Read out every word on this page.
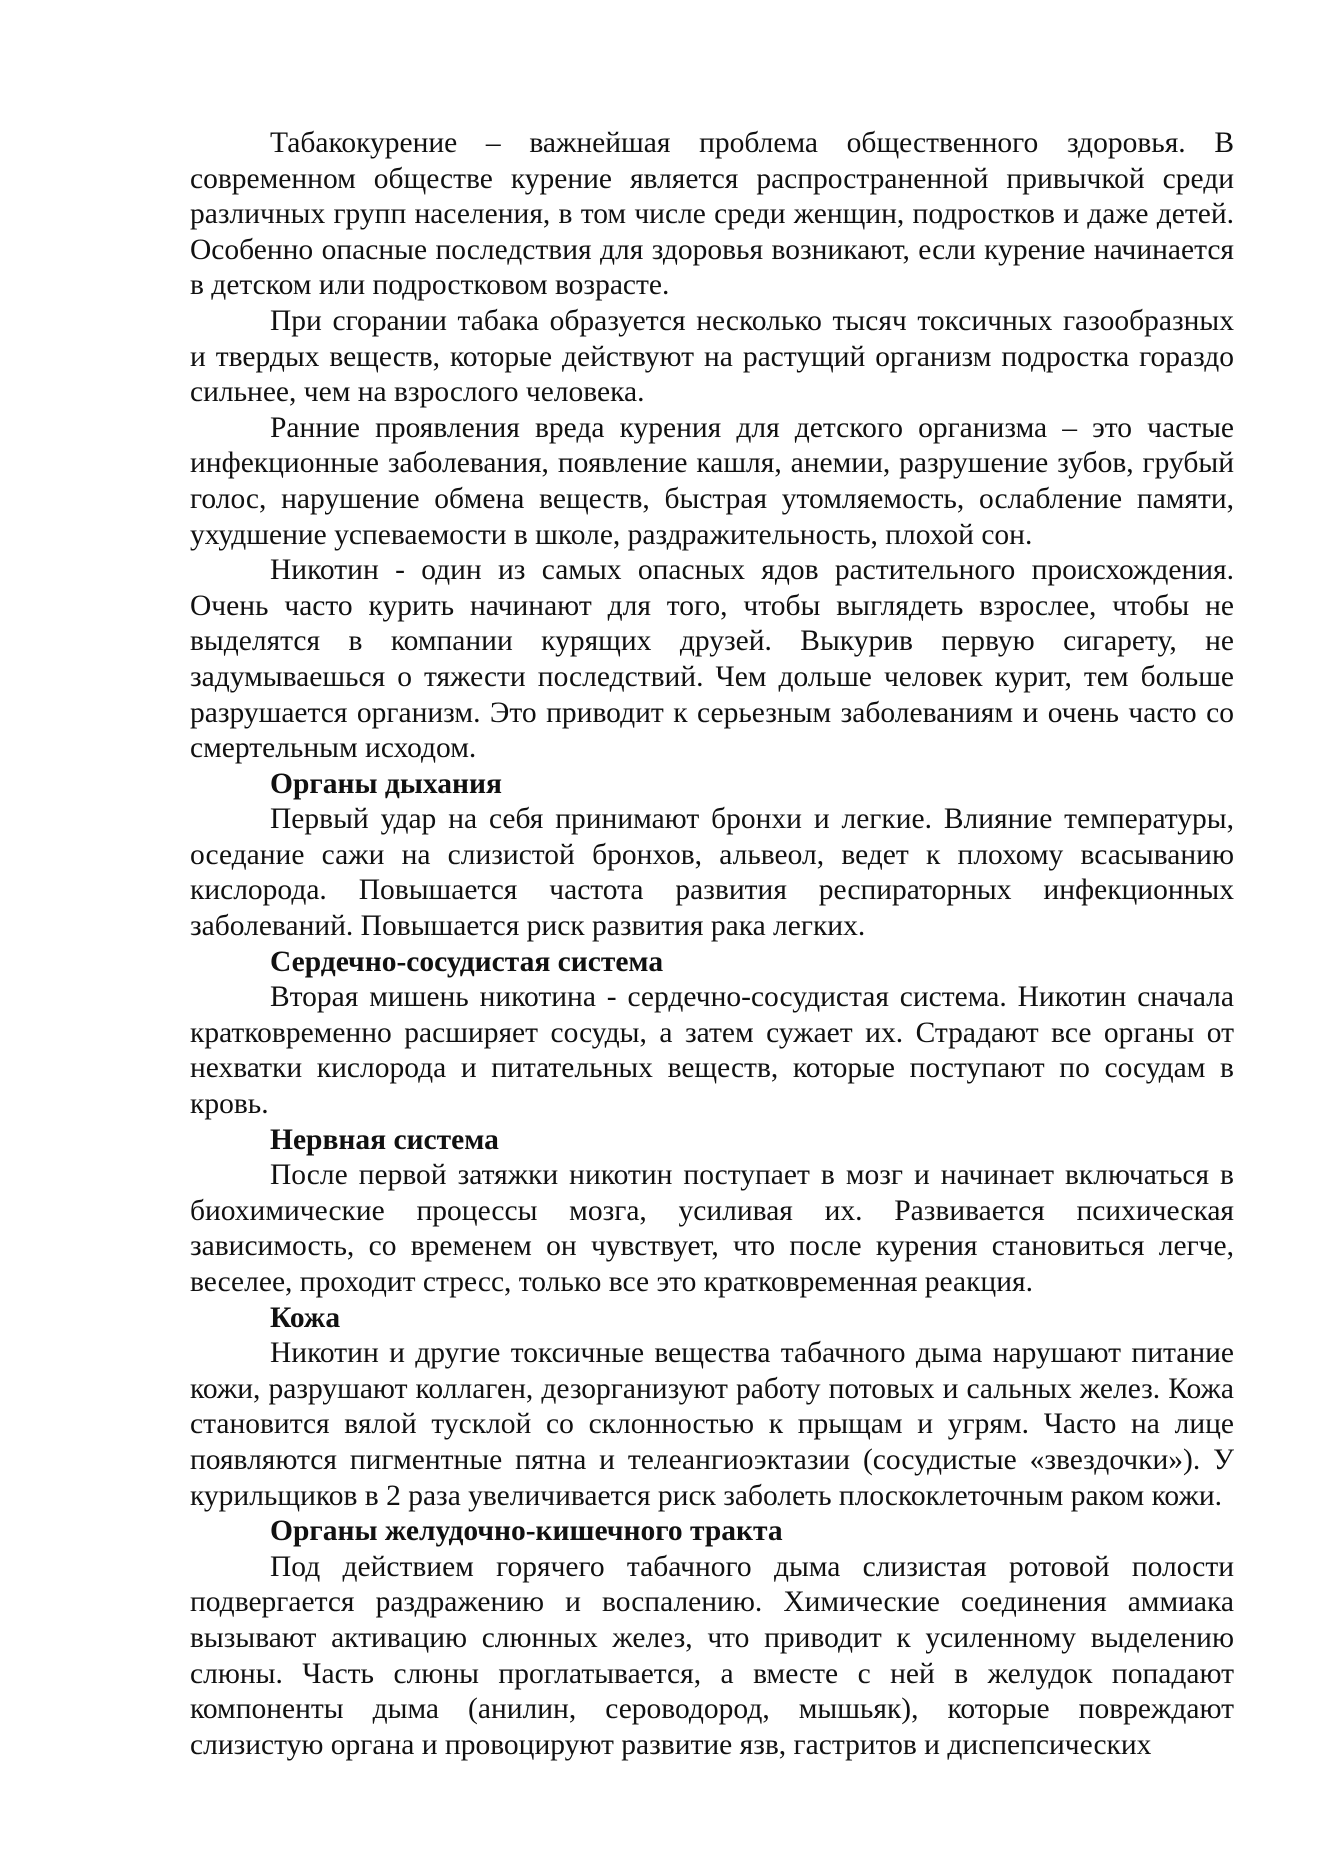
Табакокурение – важнейшая проблема общественного здоровья. В современном обществе курение является распространенной привычкой среди различных групп населения, в том числе среди женщин, подростков и даже детей. Особенно опасные последствия для здоровья возникают, если курение начинается в детском или подростковом возрасте.

При сгорании табака образуется несколько тысяч токсичных газообразных и твердых веществ, которые действуют на растущий организм подростка гораздо сильнее, чем на взрослого человека.

Ранние проявления вреда курения для детского организма – это частые инфекционные заболевания, появление кашля, анемии, разрушение зубов, грубый голос, нарушение обмена веществ, быстрая утомляемость, ослабление памяти, ухудшение успеваемости в школе, раздражительность, плохой сон.

Никотин - один из самых опасных ядов растительного происхождения. Очень часто курить начинают для того, чтобы выглядеть взрослее, чтобы не выделятся в компании курящих друзей. Выкурив первую сигарету, не задумываешься о тяжести последствий. Чем дольше человек курит, тем больше разрушается организм. Это приводит к серьезным заболеваниям и очень часто со смертельным исходом.

Органы дыхания

Первый удар на себя принимают бронхи и легкие. Влияние температуры, оседание сажи на слизистой бронхов, альвеол, ведет к плохому всасыванию кислорода. Повышается частота развития респираторных инфекционных заболеваний. Повышается риск развития рака легких.

Сердечно-сосудистая система

Вторая мишень никотина - сердечно-сосудистая система. Никотин сначала кратковременно расширяет сосуды, а затем сужает их. Страдают все органы от нехватки кислорода и питательных веществ, которые поступают по сосудам в кровь.

Нервная система

После первой затяжки никотин поступает в мозг и начинает включаться в биохимические процессы мозга, усиливая их. Развивается психическая зависимость, со временем он чувствует, что после курения становиться легче, веселее, проходит стресс, только все это кратковременная реакция.

Кожа

Никотин и другие токсичные вещества табачного дыма нарушают питание кожи, разрушают коллаген, дезорганизуют работу потовых и сальных желез. Кожа становится вялой тусклой со склонностью к прыщам и угрям. Часто на лице появляются пигментные пятна и телеангиоэктазии (сосудистые «звездочки»). У курильщиков в 2 раза увеличивается риск заболеть плоскоклеточным раком кожи.

Органы желудочно-кишечного тракта

Под действием горячего табачного дыма слизистая ротовой полости подвергается раздражению и воспалению. Химические соединения аммиака вызывают активацию слюнных желез, что приводит к усиленному выделению слюны. Часть слюны проглатывается, а вместе с ней в желудок попадают компоненты дыма (анилин, сероводород, мышьяк), которые повреждают слизистую органа и провоцируют развитие язв, гастритов и диспепсических
